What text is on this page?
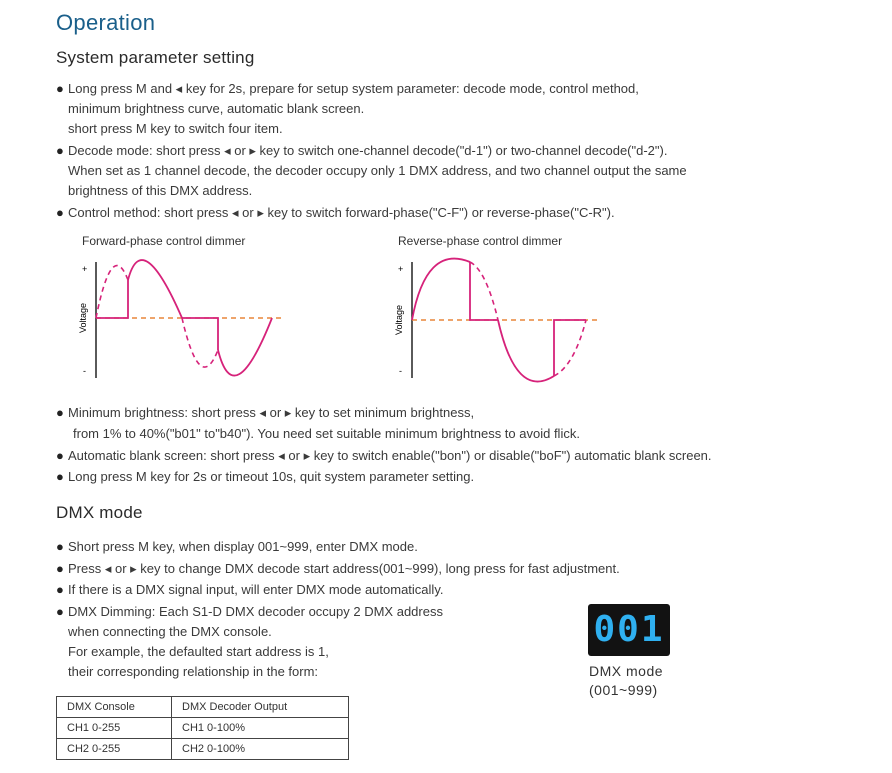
Operation
System parameter setting
● Long press M and ◂ key for 2s, prepare for setup system parameter: decode mode, control method,
minimum brightness curve, automatic blank screen.
short press M key to switch four item.
● Decode mode: short press ◂ or ▸ key to switch one-channel decode("d-1") or two-channel decode("d-2").
When set as 1 channel decode, the decoder occupy only 1 DMX address, and two channel output the same
brightness of this DMX address.
● Control method: short press ◂ or ▸ key to switch forward-phase("C-F") or reverse-phase("C-R").
Forward-phase control dimmer
+
-
Voltage
Reverse-phase control dimmer
+
-
Voltage
● Minimum brightness: short press ◂ or ▸ key to set minimum brightness,
from 1% to 40%("b01" to"b40"). You need set suitable minimum brightness to avoid flick.
● Automatic blank screen: short press ◂ or ▸ key to switch enable("bon") or disable("boF") automatic blank screen.
● Long press M key for 2s or timeout 10s, quit system parameter setting.
DMX mode
● Short press M key, when display 001~999, enter DMX mode.
● Press ◂ or ▸ key to change DMX decode start address(001~999), long press for fast adjustment.
● If there is a DMX signal input, will enter DMX mode automatically.
● DMX Dimming: Each S1-D DMX decoder occupy 2 DMX address
when connecting the DMX console.
For example, the defaulted start address is 1,
their corresponding relationship in the form:
001
DMX mode
(001~999)
DMX Console	DMX Decoder Output
CH1 0-255	CH1 0-100%
CH2 0-255	CH2 0-100%
